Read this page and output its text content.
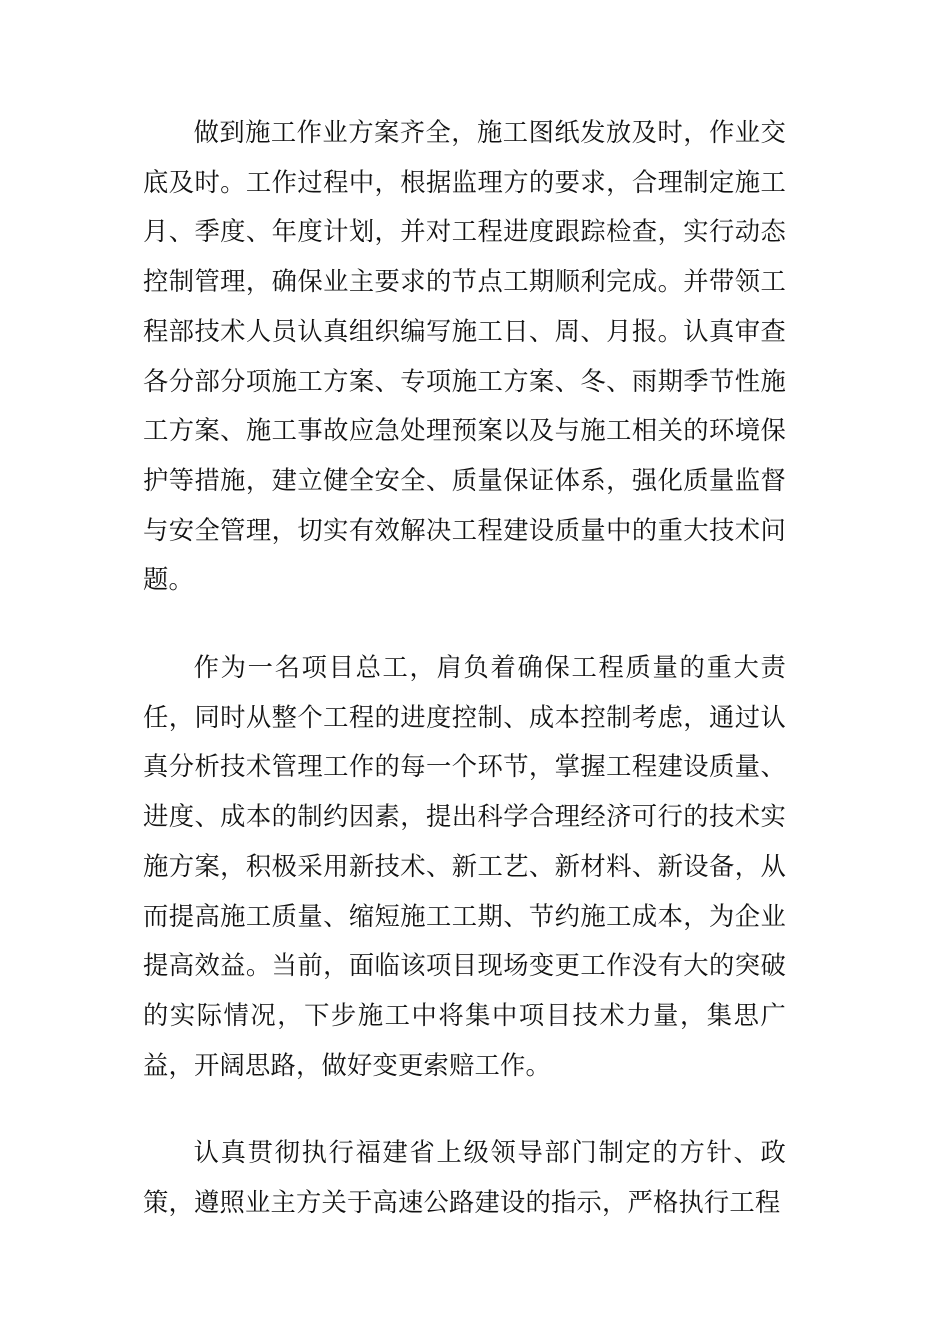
做到施工作业方案齐全，施工图纸发放及时，作业交底及时。工作过程中，根据监理方的要求，合理制定施工月、季度、年度计划，并对工程进度跟踪检查，实行动态控制管理，确保业主要求的节点工期顺利完成。并带领工程部技术人员认真组织编写施工日、周、月报。认真审查各分部分项施工方案、专项施工方案、冬、雨期季节性施工方案、施工事故应急处理预案以及与施工相关的环境保护等措施，建立健全安全、质量保证体系，强化质量监督与安全管理，切实有效解决工程建设质量中的重大技术问题。

作为一名项目总工，肩负着确保工程质量的重大责任，同时从整个工程的进度控制、成本控制考虑，通过认真分析技术管理工作的每一个环节，掌握工程建设质量、进度、成本的制约因素，提出科学合理经济可行的技术实施方案，积极采用新技术、新工艺、新材料、新设备，从而提高施工质量、缩短施工工期、节约施工成本，为企业提高效益。当前，面临该项目现场变更工作没有大的突破的实际情况，下步施工中将集中项目技术力量，集思广益，开阔思路，做好变更索赔工作。

认真贯彻执行福建省上级领导部门制定的方针、政策，遵照业主方关于高速公路建设的指示，严格执行工程
